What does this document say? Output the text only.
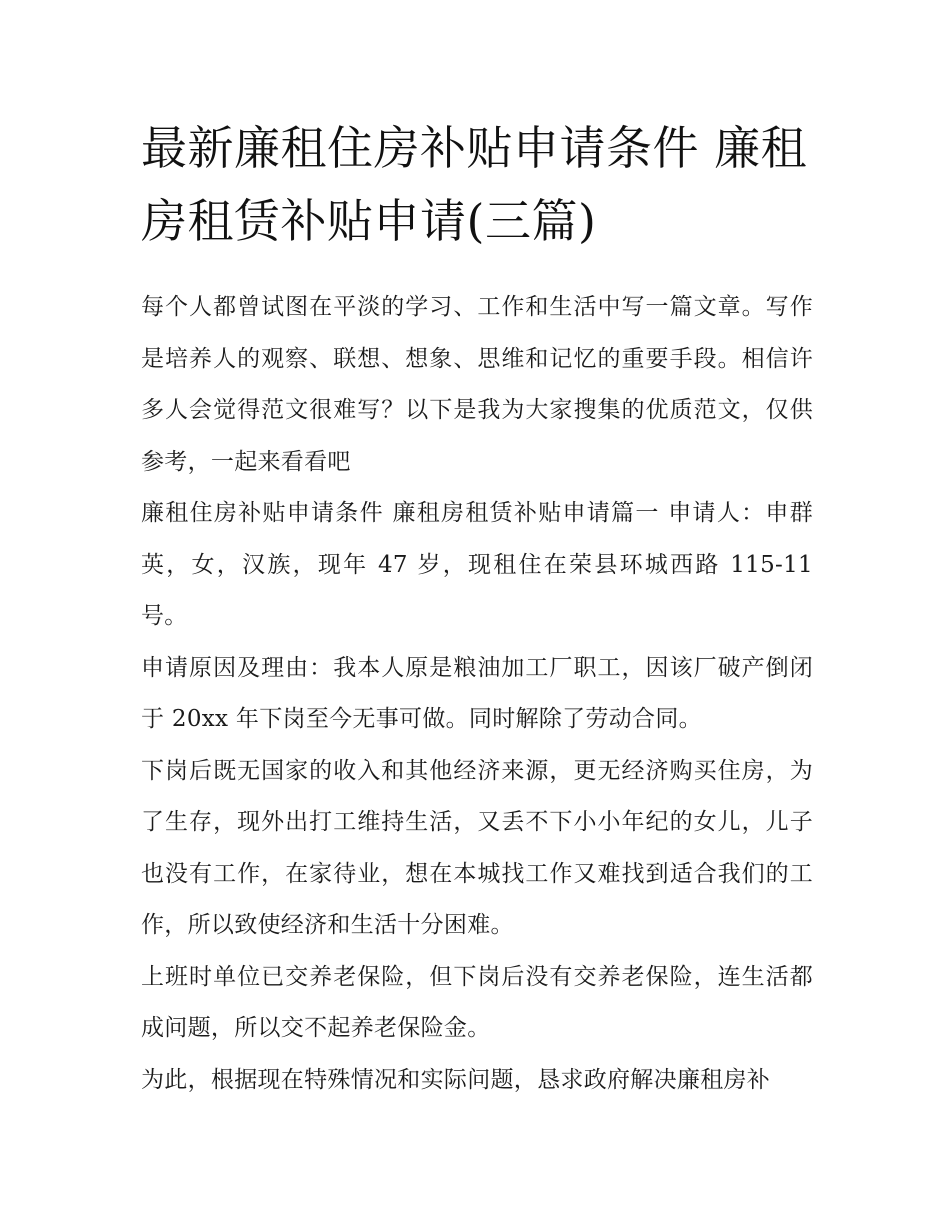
最新廉租住房补贴申请条件 廉租房租赁补贴申请(三篇)

每个人都曾试图在平淡的学习、工作和生活中写一篇文章。写作是培养人的观察、联想、想象、思维和记忆的重要手段。相信许多人会觉得范文很难写？以下是我为大家搜集的优质范文，仅供参考，一起来看看吧

廉租住房补贴申请条件 廉租房租赁补贴申请篇一 申请人：申群英，女，汉族，现年 47 岁，现租住在荣县环城西路 115-11 号。

申请原因及理由：我本人原是粮油加工厂职工，因该厂破产倒闭于 20xx 年下岗至今无事可做。同时解除了劳动合同。

下岗后既无国家的收入和其他经济来源，更无经济购买住房，为了生存，现外出打工维持生活，又丢不下小小年纪的女儿，儿子也没有工作，在家待业，想在本城找工作又难找到适合我们的工作，所以致使经济和生活十分困难。

上班时单位已交养老保险，但下岗后没有交养老保险，连生活都成问题，所以交不起养老保险金。

为此，根据现在特殊情况和实际问题，恳求政府解决廉租房补
